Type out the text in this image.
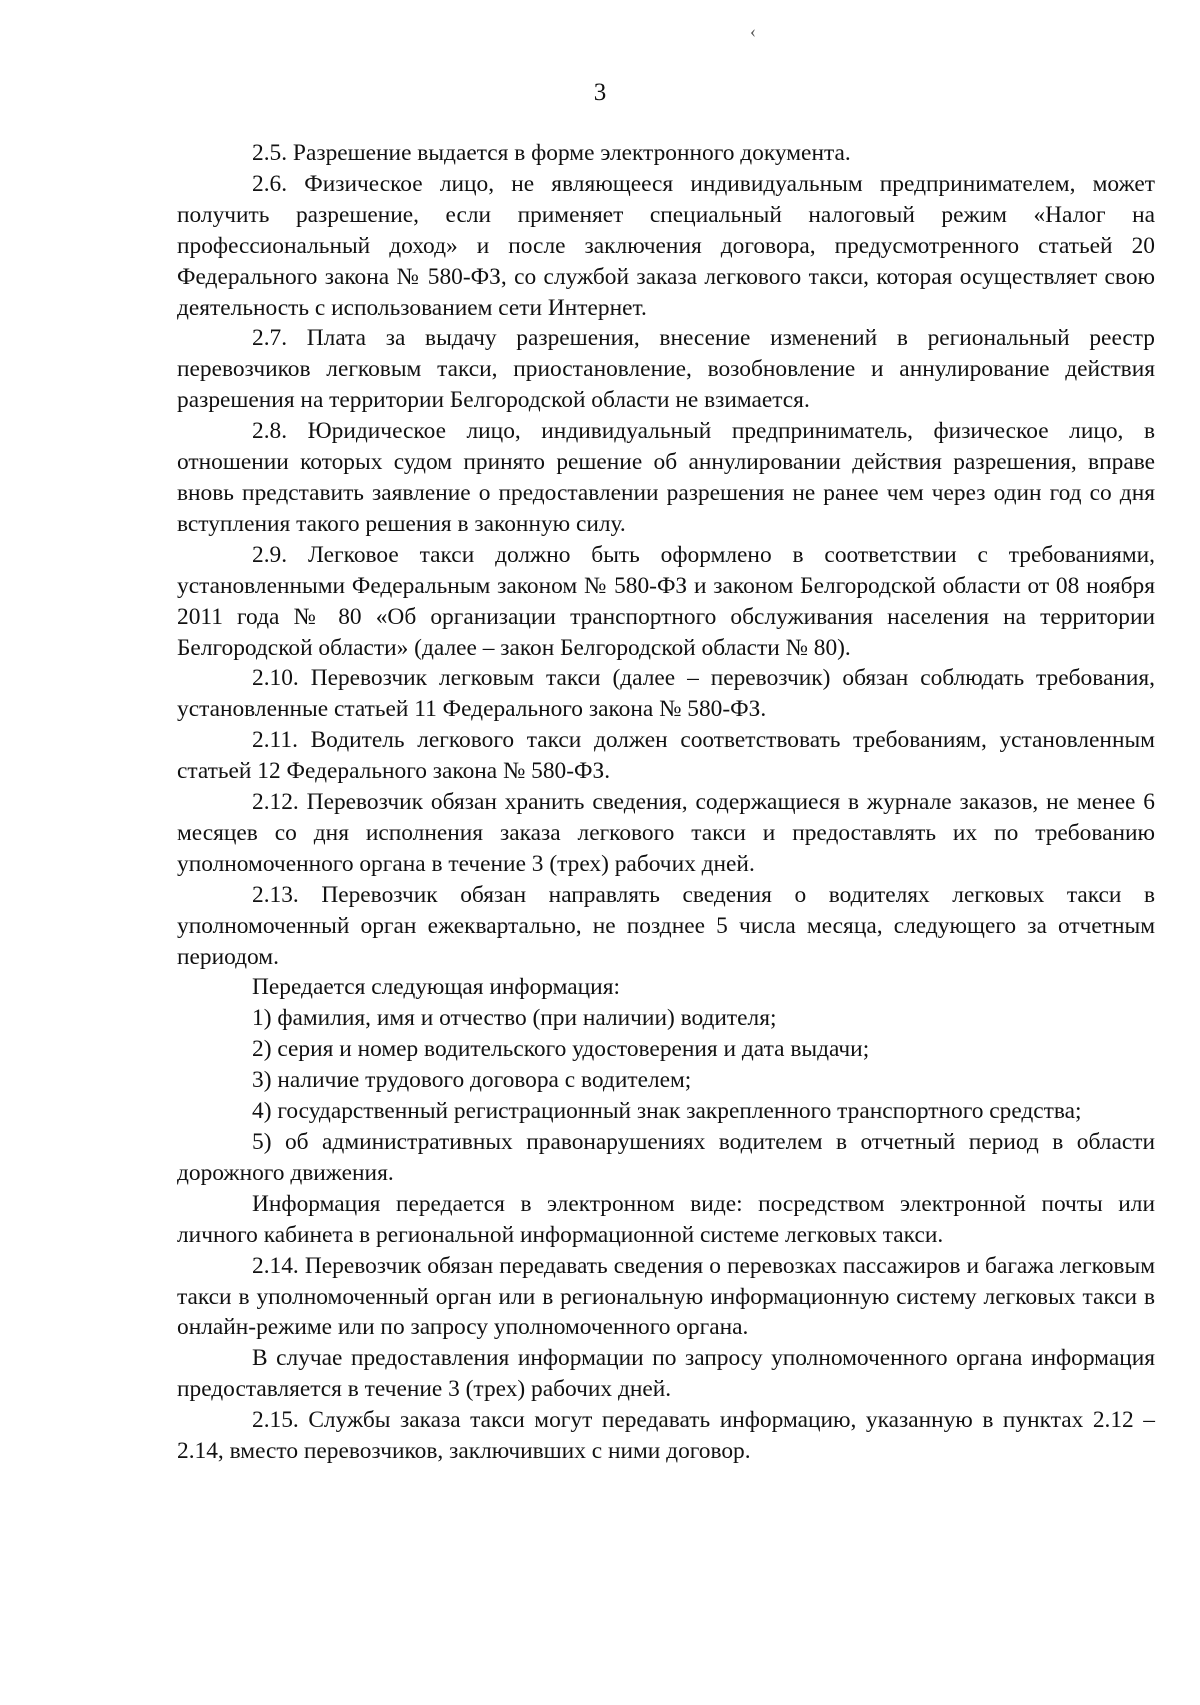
‹
3

2.5. Разрешение выдается в форме электронного документа.

2.6. Физическое лицо, не являющееся индивидуальным предпринимателем, может получить разрешение, если применяет специальный налоговый режим «Налог на профессиональный доход» и после заключения договора, предусмотренного статьей 20 Федерального закона № 580-ФЗ, со службой заказа легкового такси, которая осуществляет свою деятельность с использованием сети Интернет.

2.7. Плата за выдачу разрешения, внесение изменений в региональный реестр перевозчиков легковым такси, приостановление, возобновление и аннулирование действия разрешения на территории Белгородской области не взимается.

2.8. Юридическое лицо, индивидуальный предприниматель, физическое лицо, в отношении которых судом принято решение об аннулировании действия разрешения, вправе вновь представить заявление о предоставлении разрешения не ранее чем через один год со дня вступления такого решения в законную силу.

2.9. Легковое такси должно быть оформлено в соответствии с требованиями, установленными Федеральным законом № 580-ФЗ и законом Белгородской области от 08 ноября 2011 года № 80 «Об организации транспортного обслуживания населения на территории Белгородской области» (далее – закон Белгородской области № 80).

2.10. Перевозчик легковым такси (далее – перевозчик) обязан соблюдать требования, установленные статьей 11 Федерального закона № 580-ФЗ.

2.11. Водитель легкового такси должен соответствовать требованиям, установленным статьей 12 Федерального закона № 580-ФЗ.

2.12. Перевозчик обязан хранить сведения, содержащиеся в журнале заказов, не менее 6 месяцев со дня исполнения заказа легкового такси и предоставлять их по требованию уполномоченного органа в течение 3 (трех) рабочих дней.

2.13. Перевозчик обязан направлять сведения о водителях легковых такси в уполномоченный орган ежеквартально, не позднее 5 числа месяца, следующего за отчетным периодом.

Передается следующая информация:

1) фамилия, имя и отчество (при наличии) водителя;

2) серия и номер водительского удостоверения и дата выдачи;

3) наличие трудового договора с водителем;

4) государственный регистрационный знак закрепленного транспортного средства;

5) об административных правонарушениях водителем в отчетный период в области дорожного движения.

Информация передается в электронном виде: посредством электронной почты или личного кабинета в региональной информационной системе легковых такси.

2.14. Перевозчик обязан передавать сведения о перевозках пассажиров и багажа легковым такси в уполномоченный орган или в региональную информационную систему легковых такси в онлайн-режиме или по запросу уполномоченного органа.

В случае предоставления информации по запросу уполномоченного органа информация предоставляется в течение 3 (трех) рабочих дней.

2.15. Службы заказа такси могут передавать информацию, указанную в пунктах 2.12 – 2.14, вместо перевозчиков, заключивших с ними договор.
